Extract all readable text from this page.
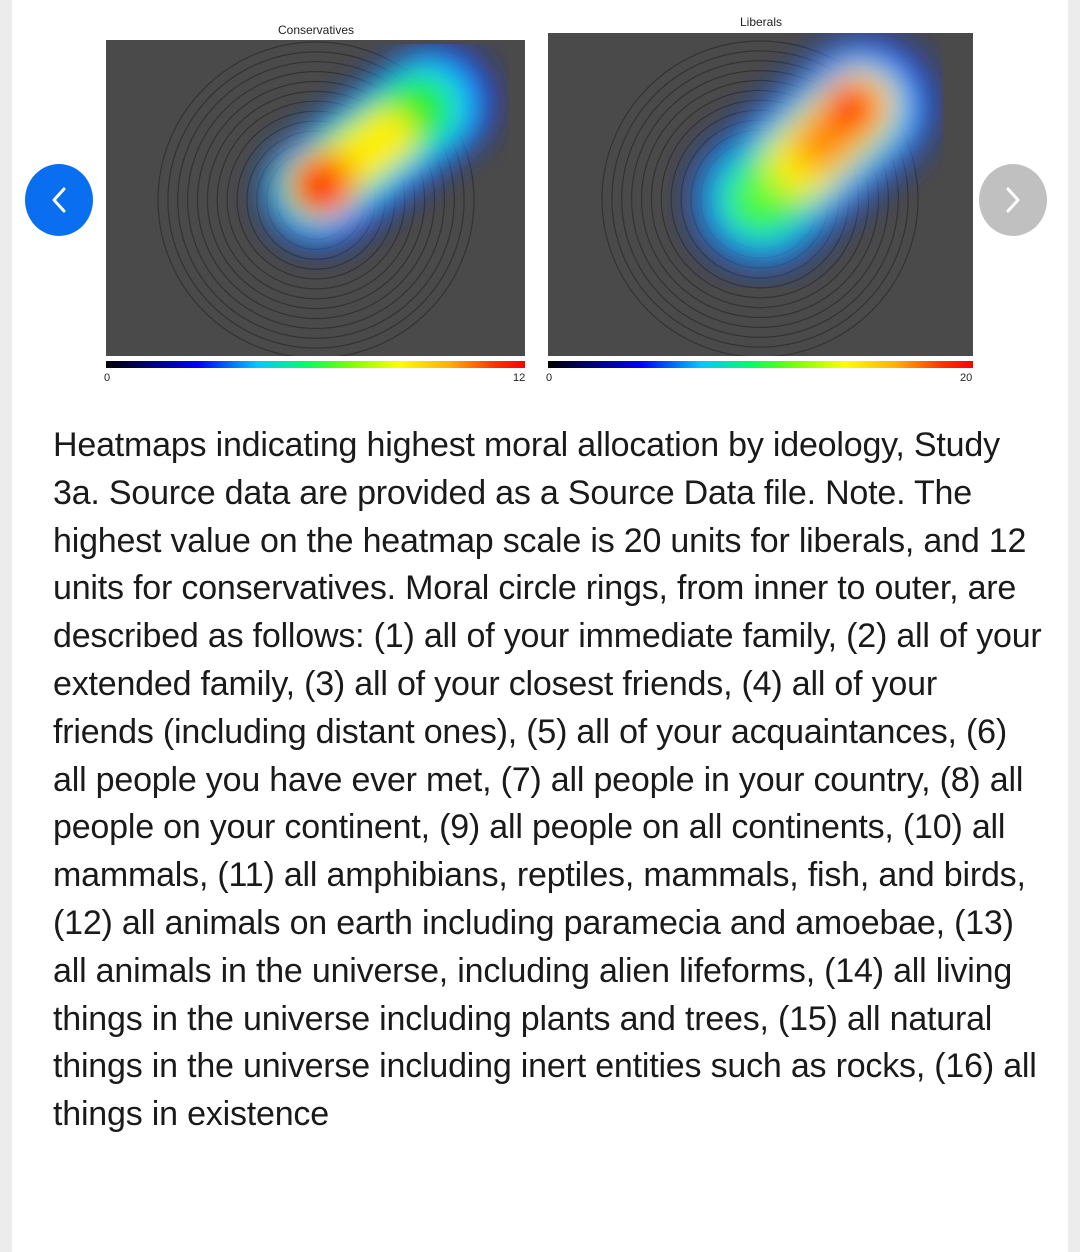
Conservatives
0	12
Liberals
0	20
Heatmaps indicating highest moral allocation by ideology, Study 3a. Source data are provided as a Source Data file. Note. The highest value on the heatmap scale is 20 units for liberals, and 12 units for conservatives. Moral circle rings, from inner to outer, are described as follows: (1) all of your immediate family, (2) all of your extended family, (3) all of your closest friends, (4) all of your friends (including distant ones), (5) all of your acquaintances, (6) all people you have ever met, (7) all people in your country, (8) all people on your continent, (9) all people on all continents, (10) all mammals, (11) all amphibians, reptiles, mammals, fish, and birds, (12) all animals on earth including paramecia and amoebae, (13) all animals in the universe, including alien lifeforms, (14) all living things in the universe including plants and trees, (15) all natural things in the universe including inert entities such as rocks, (16) all things in existence
